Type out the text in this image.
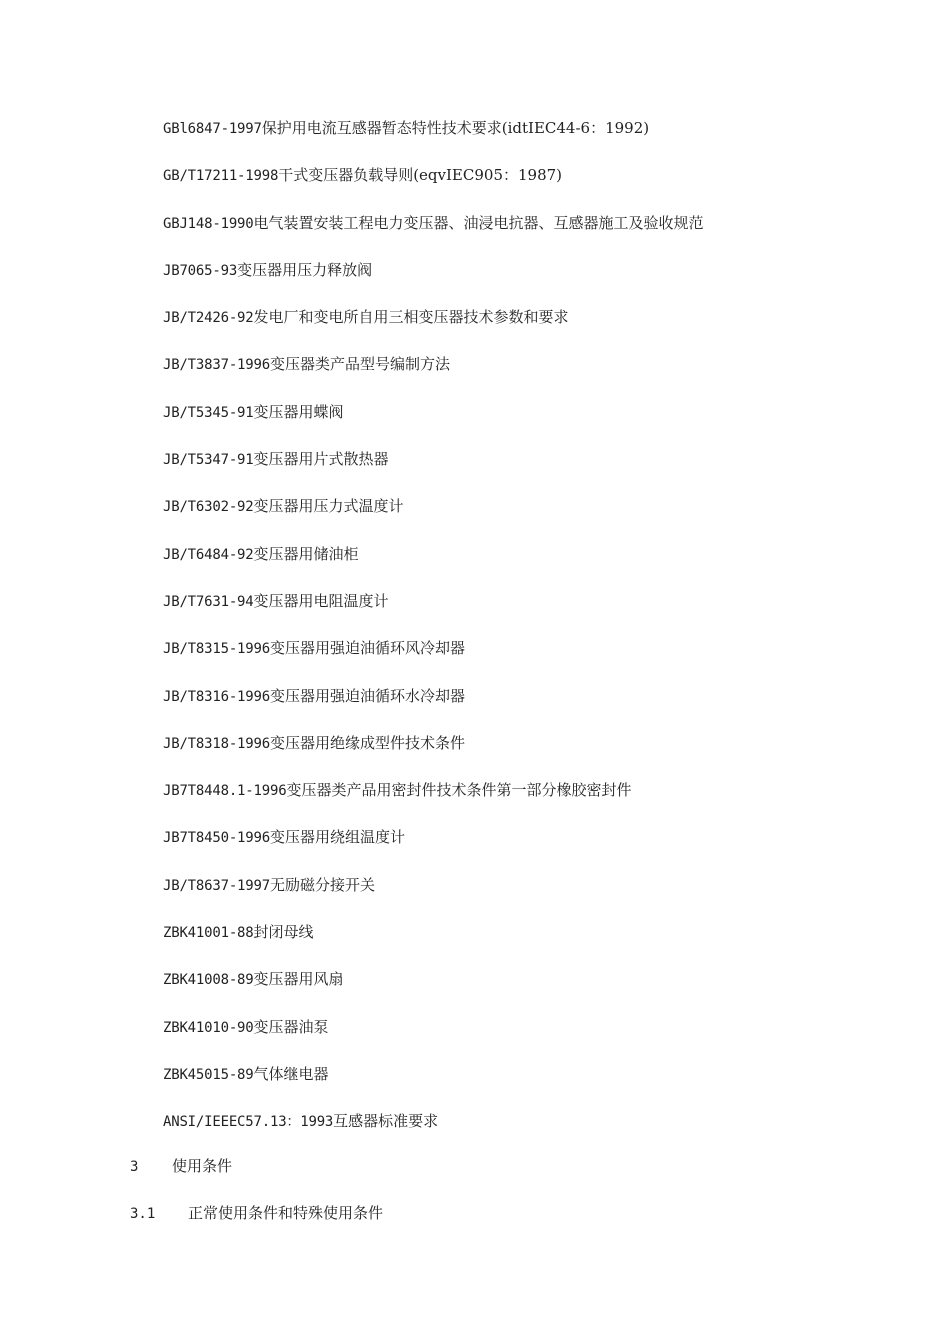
GBl6847-1997保护用电流互感器暂态特性技术要求(idtIEC44-6：1992)
GB/T17211-1998干式变压器负载导则(eqvIEC905：1987)
GBJ148-1990电气装置安装工程电力变压器、油浸电抗器、互感器施工及验收规范
JB7065-93变压器用压力释放阀
JB/T2426-92发电厂和变电所自用三相变压器技术参数和要求
JB/T3837-1996变压器类产品型号编制方法
JB/T5345-91变压器用蝶阀
JB/T5347-91变压器用片式散热器
JB/T6302-92变压器用压力式温度计
JB/T6484-92变压器用储油柜
JB/T7631-94变压器用电阻温度计
JB/T8315-1996变压器用强迫油循环风冷却器
JB/T8316-1996变压器用强迫油循环水冷却器
JB/T8318-1996变压器用绝缘成型件技术条件
JB7T8448.1-1996变压器类产品用密封件技术条件第一部分橡胶密封件
JB7T8450-1996变压器用绕组温度计
JB/T8637-1997无励磁分接开关
ZBK41001-88封闭母线
ZBK41008-89变压器用风扇
ZBK41010-90变压器油泵
ZBK45015-89气体继电器
ANSI/IEEEC57.13：1993互感器标准要求
3 使用条件
3.1 正常使用条件和特殊使用条件
